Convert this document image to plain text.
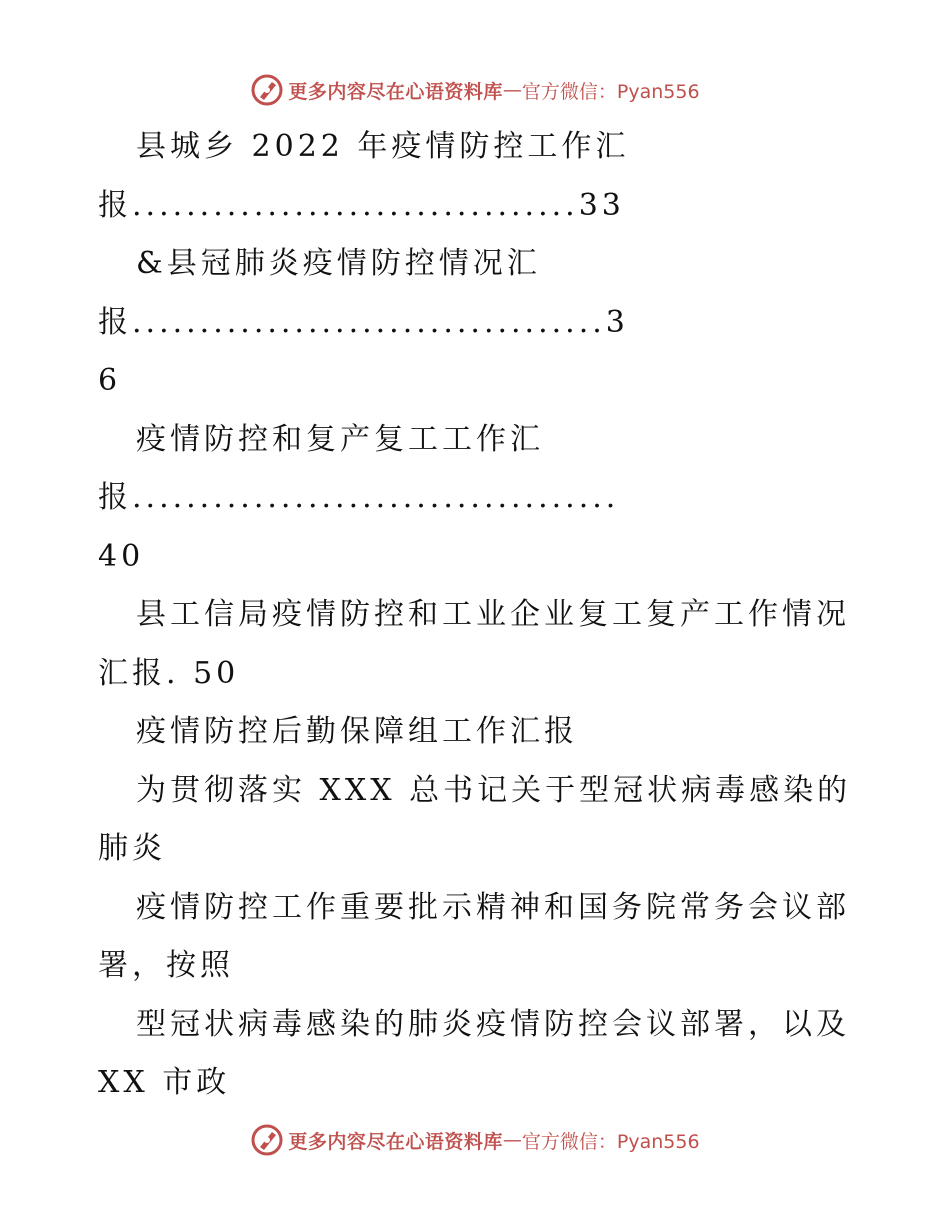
更多内容尽在心语资料库 — 官方微信：Pyan556
县城乡 2022 年疫情防控工作汇
报.................................33
&县冠肺炎疫情防控情况汇
报...................................3
6
疫情防控和复产复工工作汇
报....................................
40
县工信局疫情防控和工业企业复工复产工作情况
汇报. 50
疫情防控后勤保障组工作汇报
为贯彻落实 XXX 总书记关于型冠状病毒感染的
肺炎
疫情防控工作重要批示精神和国务院常务会议部
署，按照
型冠状病毒感染的肺炎疫情防控会议部署，以及
XX 市政
更多内容尽在心语资料库 — 官方微信：Pyan556
